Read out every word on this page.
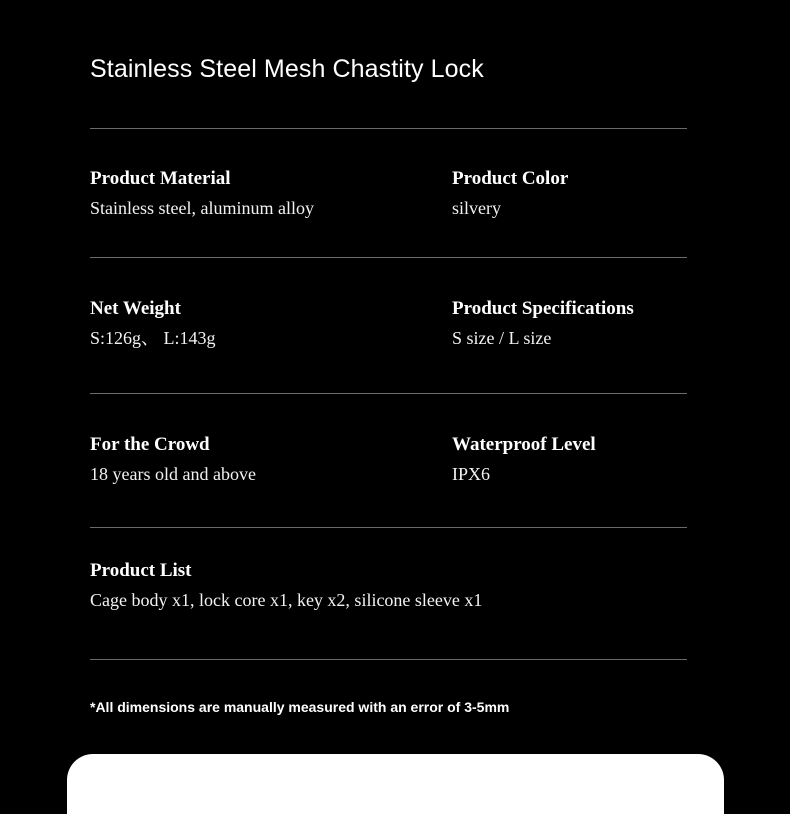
Stainless Steel Mesh Chastity Lock
Product Material
Stainless steel, aluminum alloy
Product Color
silvery
Net Weight
S:126g、 L:143g
Product Specifications
S size / L size
For the Crowd
18 years old and above
Waterproof Level
IPX6
Product List
Cage body x1, lock core x1, key x2, silicone sleeve x1
*All dimensions are manually measured with an error of 3-5mm
